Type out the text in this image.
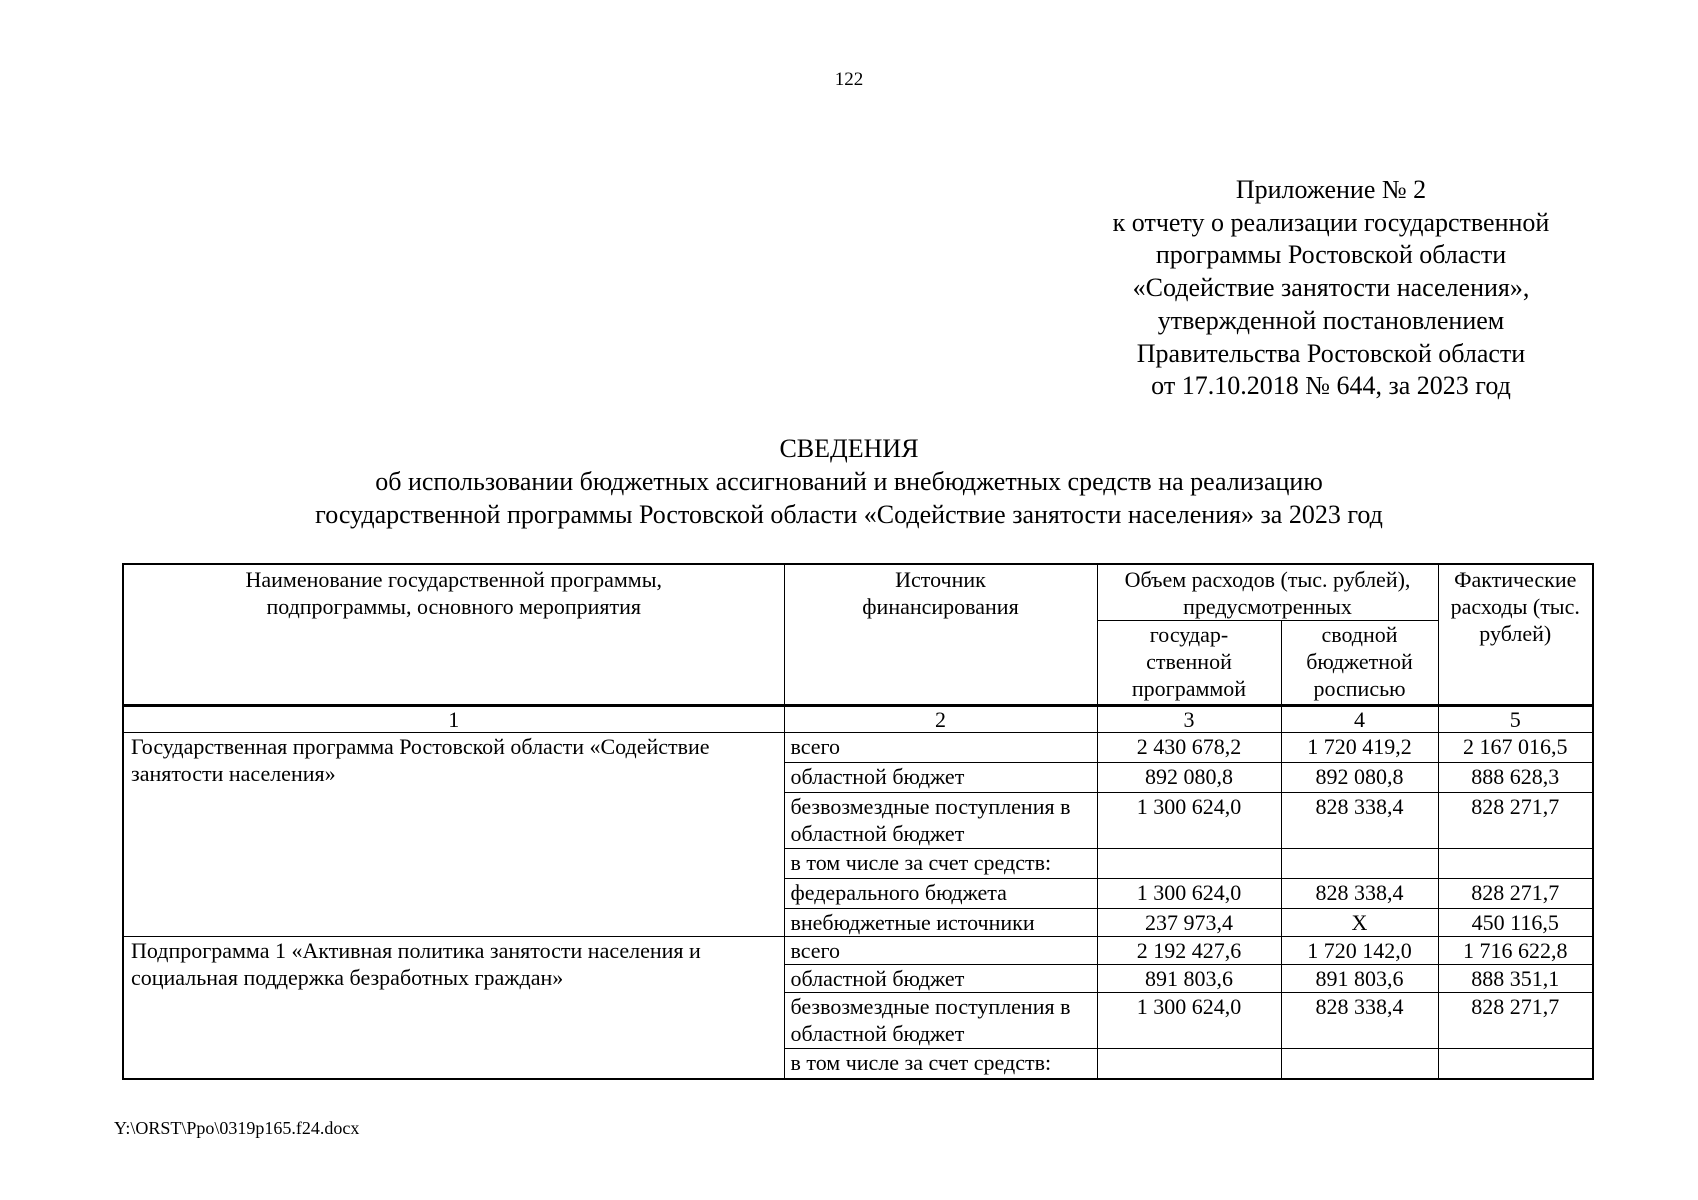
122
Приложение № 2
к отчету о реализации государственной
программы Ростовской области
«Содействие занятости населения»,
утвержденной постановлением
Правительства Ростовской области
от 17.10.2018 № 644, за 2023 год
СВЕДЕНИЯ
об использовании бюджетных ассигнований и внебюджетных средств на реализацию
государственной программы Ростовской области «Содействие занятости населения» за 2023 год
Наименование государственной программы, подпрограммы, основного мероприятия	Источник финансирования	Объем расходов (тыс. рублей), предусмотренных		Фактические расходы (тыс. рублей)
		государ-ственной программой	сводной бюджетной росписью	
1	2	3	4	5
Государственная программа Ростовской области «Содействие занятости населения»	всего	2 430 678,2	1 720 419,2	2 167 016,5
	областной бюджет	892 080,8	892 080,8	888 628,3
	безвозмездные поступления в областной бюджет	1 300 624,0	828 338,4	828 271,7
	в том числе за счет средств:			
	федерального бюджета	1 300 624,0	828 338,4	828 271,7
	внебюджетные источники	237 973,4	Х	450 116,5
Подпрограмма 1 «Активная политика занятости населения и социальная поддержка безработных граждан»	всего	2 192 427,6	1 720 142,0	1 716 622,8
	областной бюджет	891 803,6	891 803,6	888 351,1
	безвозмездные поступления в областной бюджет	1 300 624,0	828 338,4	828 271,7
	в том числе за счет средств:			
Y:\ORST\Ppo\0319p165.f24.docx
